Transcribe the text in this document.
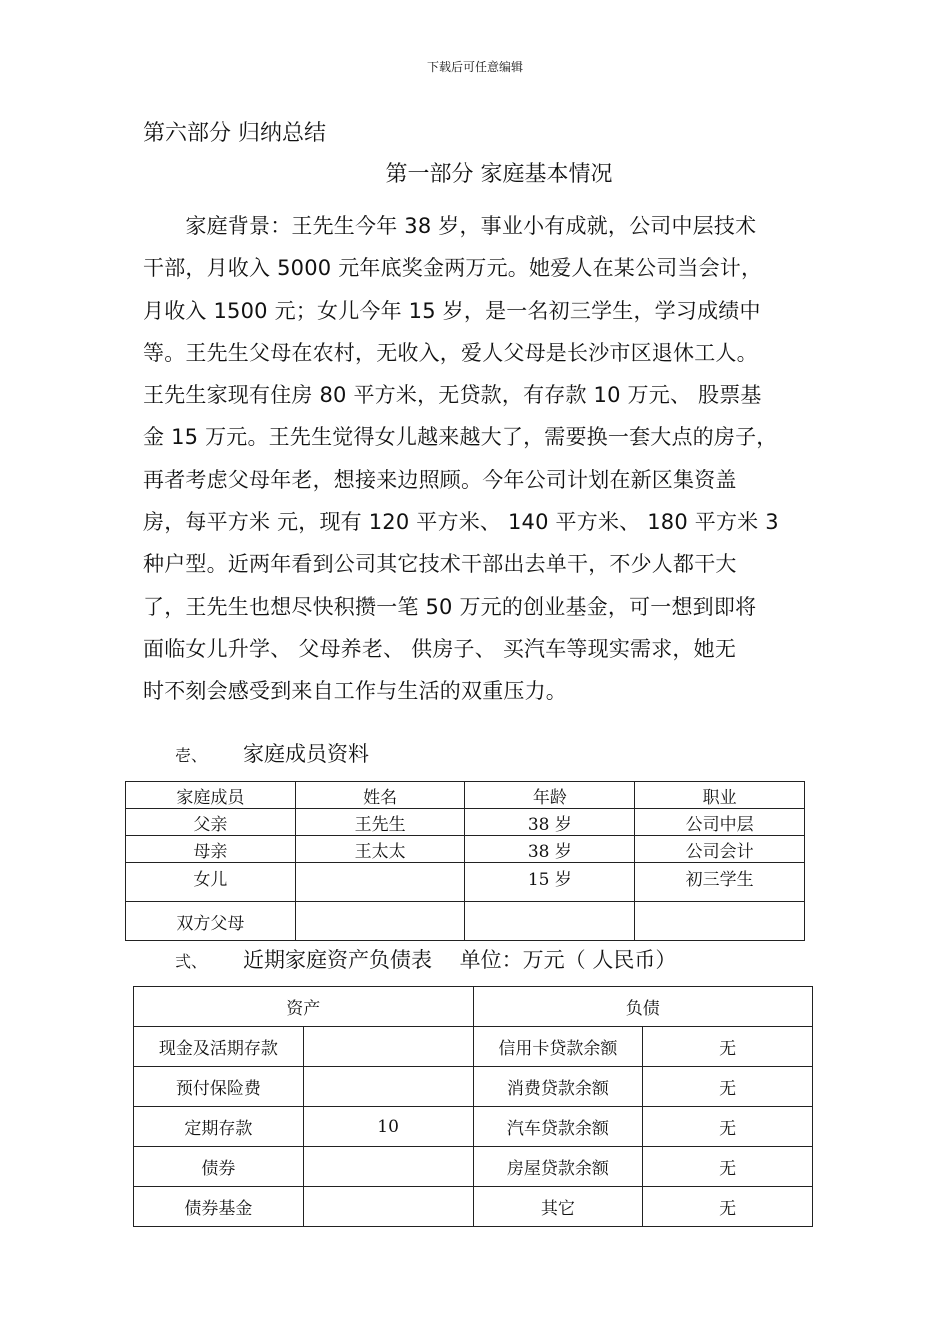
下载后可任意编辑
第六部分 归纳总结
第一部分 家庭基本情况
　　家庭背景：王先生今年 38 岁，事业小有成就，公司中层技术
干部，月收入 5000 元年底奖金两万元。她爱人在某公司当会计，
月收入 1500 元；女儿今年 15 岁，是一名初三学生，学习成绩中
等。王先生父母在农村，无收入，爱人父母是长沙市区退休工人。
王先生家现有住房 80 平方米，无贷款，有存款 10 万元、 股票基
金 15 万元。王先生觉得女儿越来越大了，需要换一套大点的房子，
再者考虑父母年老，想接来边照顾。今年公司计划在新区集资盖
房，每平方米 元，现有 120 平方米、 140 平方米、 180 平方米 3
种户型。近两年看到公司其它技术干部出去单干，不少人都干大
了，王先生也想尽快积攒一笔 50 万元的创业基金，可一想到即将
面临女儿升学、 父母养老、 供房子、 买汽车等现实需求，她无
时不刻会感受到来自工作与生活的双重压力。
壱、 家庭成员资料
家庭成员	姓名	年龄	职业
父亲	王先生	38 岁	公司中层
母亲	王太太	38 岁	公司会计
女儿		15 岁	初三学生
双方父母			
弍、 近期家庭资产负债表　 单位：万元（ 人民币）
资产		负债	
现金及活期存款		信用卡贷款余额	无
预付保险费		消费贷款余额	无
定期存款	10	汽车贷款余额	无
债券		房屋贷款余额	无
债券基金		其它	无
